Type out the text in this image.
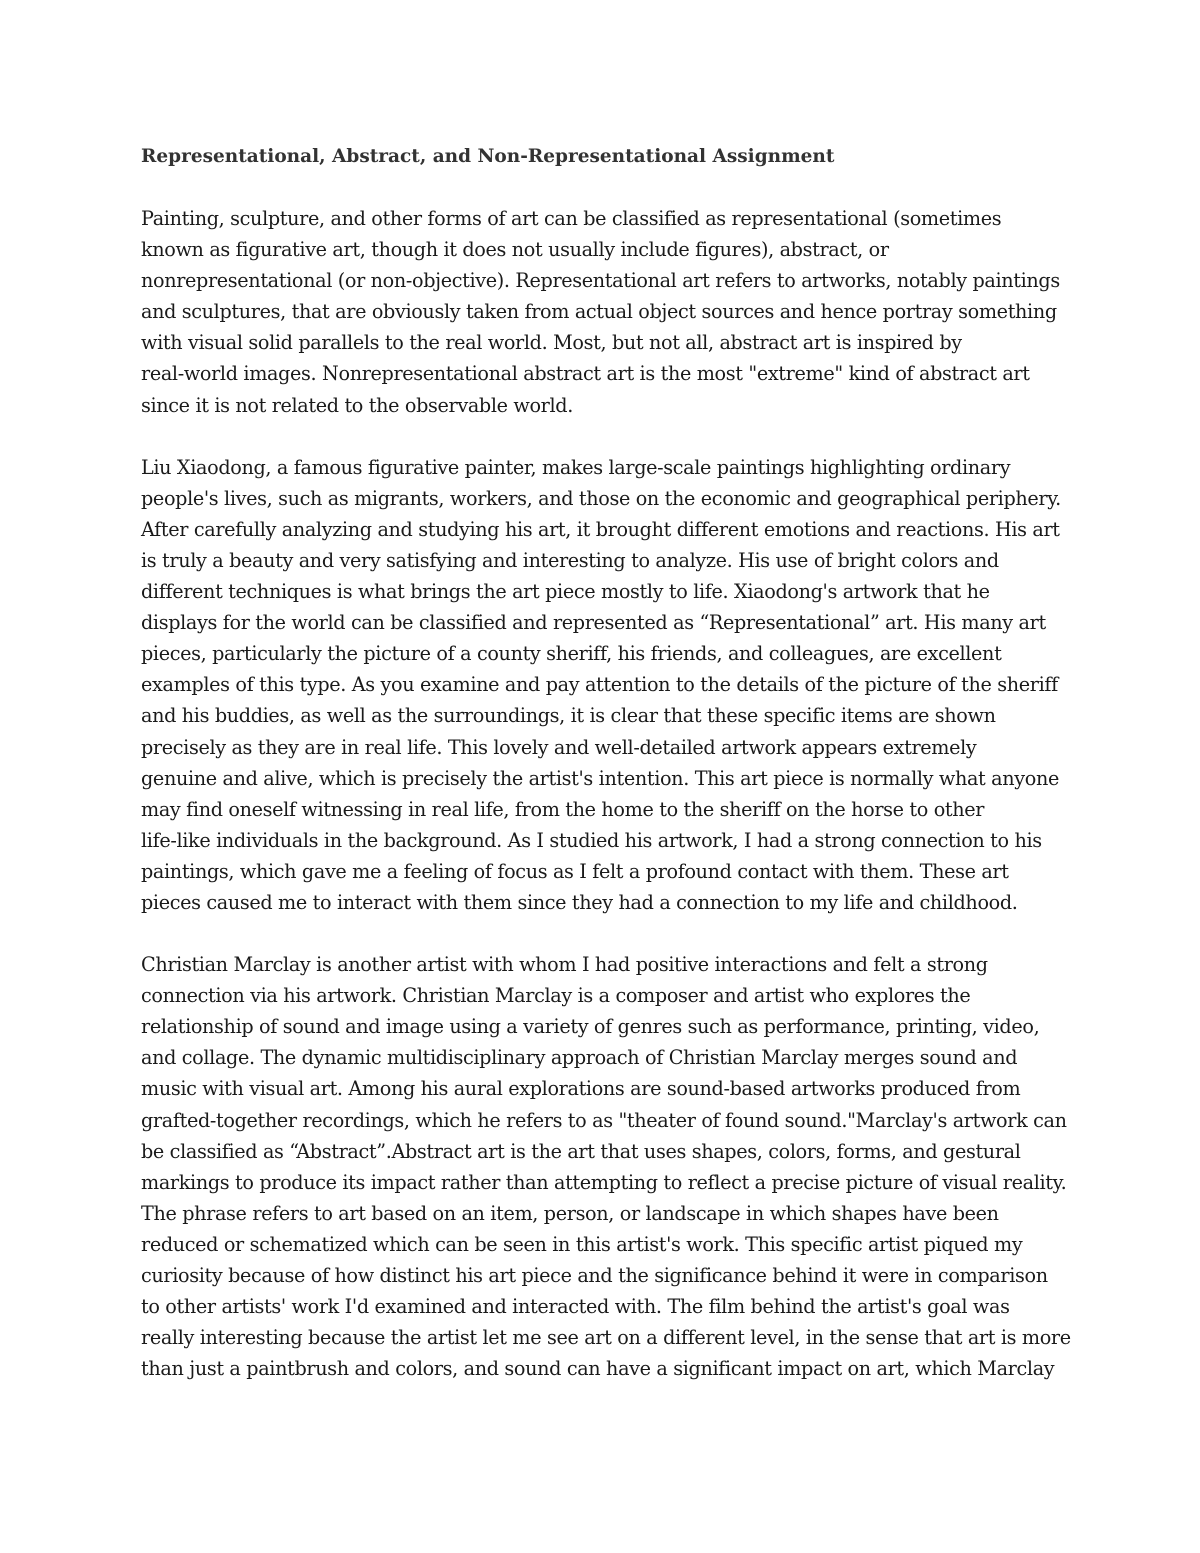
Representational, Abstract, and Non-Representational Assignment
Painting, sculpture, and other forms of art can be classified as representational (sometimes
known as figurative art, though it does not usually include figures), abstract, or
nonrepresentational (or non-objective). Representational art refers to artworks, notably paintings
and sculptures, that are obviously taken from actual object sources and hence portray something
with visual solid parallels to the real world. Most, but not all, abstract art is inspired by
real-world images. Nonrepresentational abstract art is the most "extreme" kind of abstract art
since it is not related to the observable world.
Liu Xiaodong, a famous figurative painter, makes large-scale paintings highlighting ordinary
people's lives, such as migrants, workers, and those on the economic and geographical periphery.
After carefully analyzing and studying his art, it brought different emotions and reactions. His art
is truly a beauty and very satisfying and interesting to analyze. His use of bright colors and
different techniques is what brings the art piece mostly to life. Xiaodong's artwork that he
displays for the world can be classified and represented as “Representational” art. His many art
pieces, particularly the picture of a county sheriff, his friends, and colleagues, are excellent
examples of this type. As you examine and pay attention to the details of the picture of the sheriff
and his buddies, as well as the surroundings, it is clear that these specific items are shown
precisely as they are in real life. This lovely and well-detailed artwork appears extremely
genuine and alive, which is precisely the artist's intention. This art piece is normally what anyone
may find oneself witnessing in real life, from the home to the sheriff on the horse to other
life-like individuals in the background. As I studied his artwork, I had a strong connection to his
paintings, which gave me a feeling of focus as I felt a profound contact with them. These art
pieces caused me to interact with them since they had a connection to my life and childhood.
Christian Marclay is another artist with whom I had positive interactions and felt a strong
connection via his artwork. Christian Marclay is a composer and artist who explores the
relationship of sound and image using a variety of genres such as performance, printing, video,
and collage. The dynamic multidisciplinary approach of Christian Marclay merges sound and
music with visual art. Among his aural explorations are sound-based artworks produced from
grafted-together recordings, which he refers to as "theater of found sound."Marclay's artwork can
be classified as “Abstract”.Abstract art is the art that uses shapes, colors, forms, and gestural
markings to produce its impact rather than attempting to reflect a precise picture of visual reality.
The phrase refers to art based on an item, person, or landscape in which shapes have been
reduced or schematized which can be seen in this artist's work. This specific artist piqued my
curiosity because of how distinct his art piece and the significance behind it were in comparison
to other artists' work I'd examined and interacted with. The film behind the artist's goal was
really interesting because the artist let me see art on a different level, in the sense that art is more
than just a paintbrush and colors, and sound can have a significant impact on art, which Marclay
